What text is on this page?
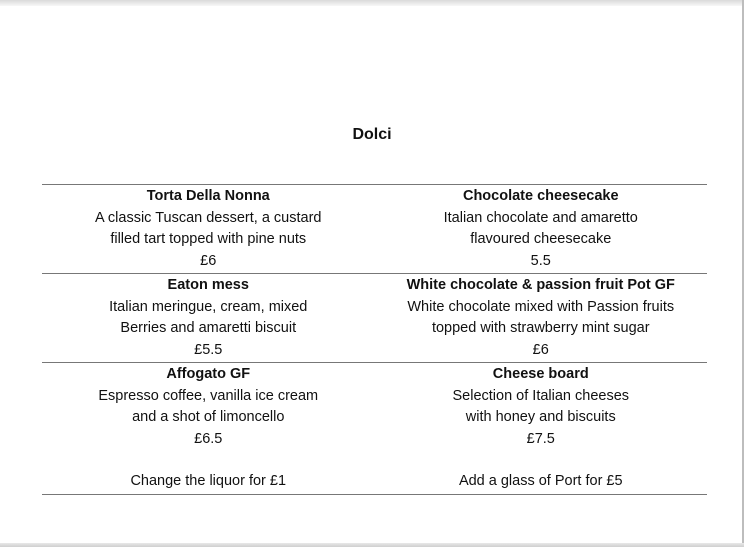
Dolci
Torta Della Nonna
A classic Tuscan dessert, a custard
filled tart topped with pine nuts
£6
Chocolate cheesecake
Italian chocolate and amaretto
flavoured cheesecake
5.5
Eaton mess
Italian meringue, cream, mixed
Berries and amaretti biscuit
£5.5
White chocolate & passion fruit Pot GF
White chocolate mixed with Passion fruits
topped with strawberry mint sugar
£6
Affogato GF
Espresso coffee, vanilla ice cream
and a shot of limoncello
£6.5
Change the liquor for £1
Cheese board
Selection of Italian cheeses
with honey and biscuits
£7.5
Add a glass of Port for £5
